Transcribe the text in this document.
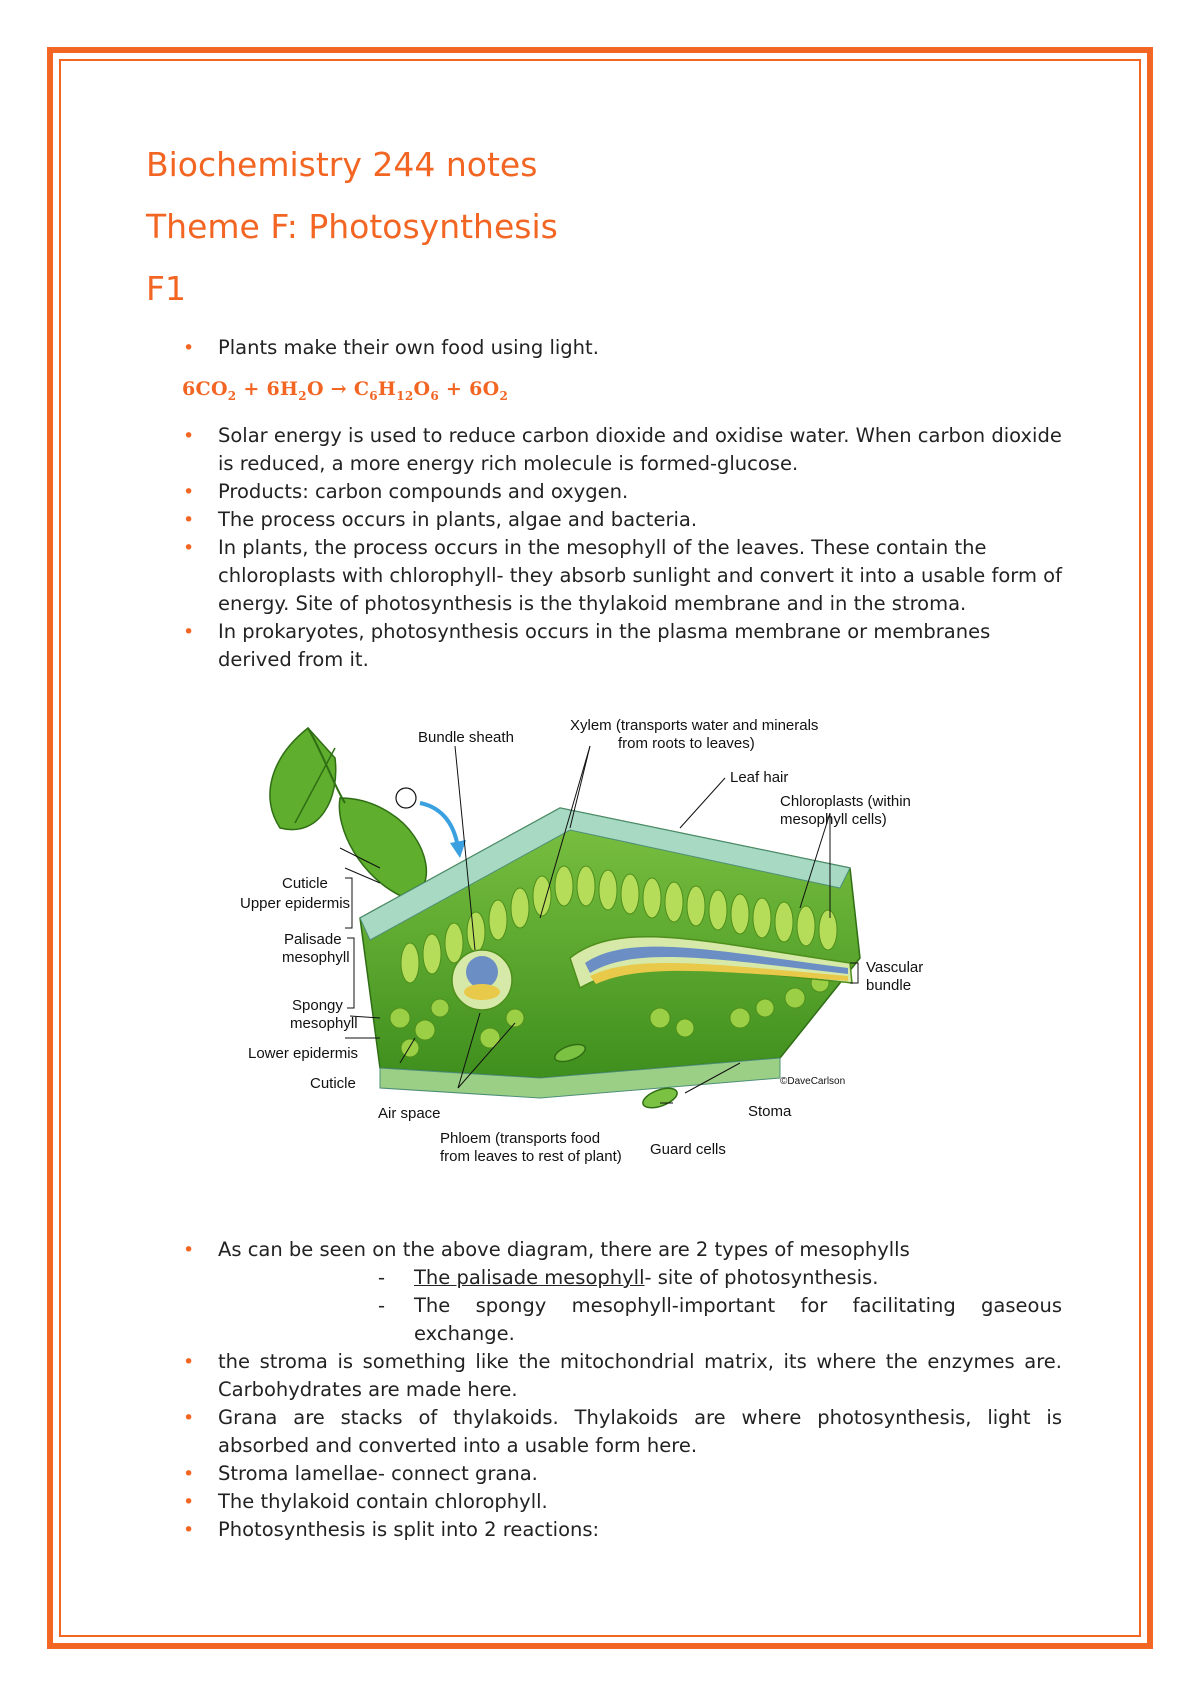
Biochemistry 244 notes
Theme F: Photosynthesis
F1
• Plants make their own food using light.
$6CO_2 + 6H_2O \to C_6H_{12}O_6 + 6O_2$
• Solar energy is used to reduce carbon dioxide and oxidise water. When carbon dioxide is reduced, a more energy rich molecule is formed-glucose.
• Products: carbon compounds and oxygen.
• The process occurs in plants, algae and bacteria.
• In plants, the process occurs in the mesophyll of the leaves. These contain the chloroplasts with chlorophyll- they absorb sunlight and convert it into a usable form of energy. Site of photosynthesis is the thylakoid membrane and in the stroma.
• In prokaryotes, photosynthesis occurs in the plasma membrane or membranes derived from it.
• As can be seen on the above diagram, there are 2 types of mesophylls
- The palisade mesophyll- site of photosynthesis.
- The spongy mesophyll-important for facilitating gaseous exchange.
• the stroma is something like the mitochondrial matrix, its where the enzymes are. Carbohydrates are made here.
• Grana are stacks of thylakoids. Thylakoids are where photosynthesis, light is absorbed and converted into a usable form here.
• Stroma lamellae- connect grana.
• The thylakoid contain chlorophyll.
• Photosynthesis is split into 2 reactions:
Bundle sheath
Xylem (transports water and minerals
from roots to leaves)
Leaf hair
Chloroplasts (within
mesophyll cells)
Cuticle
Upper epidermis
Palisade
mesophyll
Spongy
mesophyll
Lower epidermis
Cuticle
Vascular
bundle
Air space
Phloem (transports food
from leaves to rest of plant) Guard cells
Stoma
©DaveCarlson
